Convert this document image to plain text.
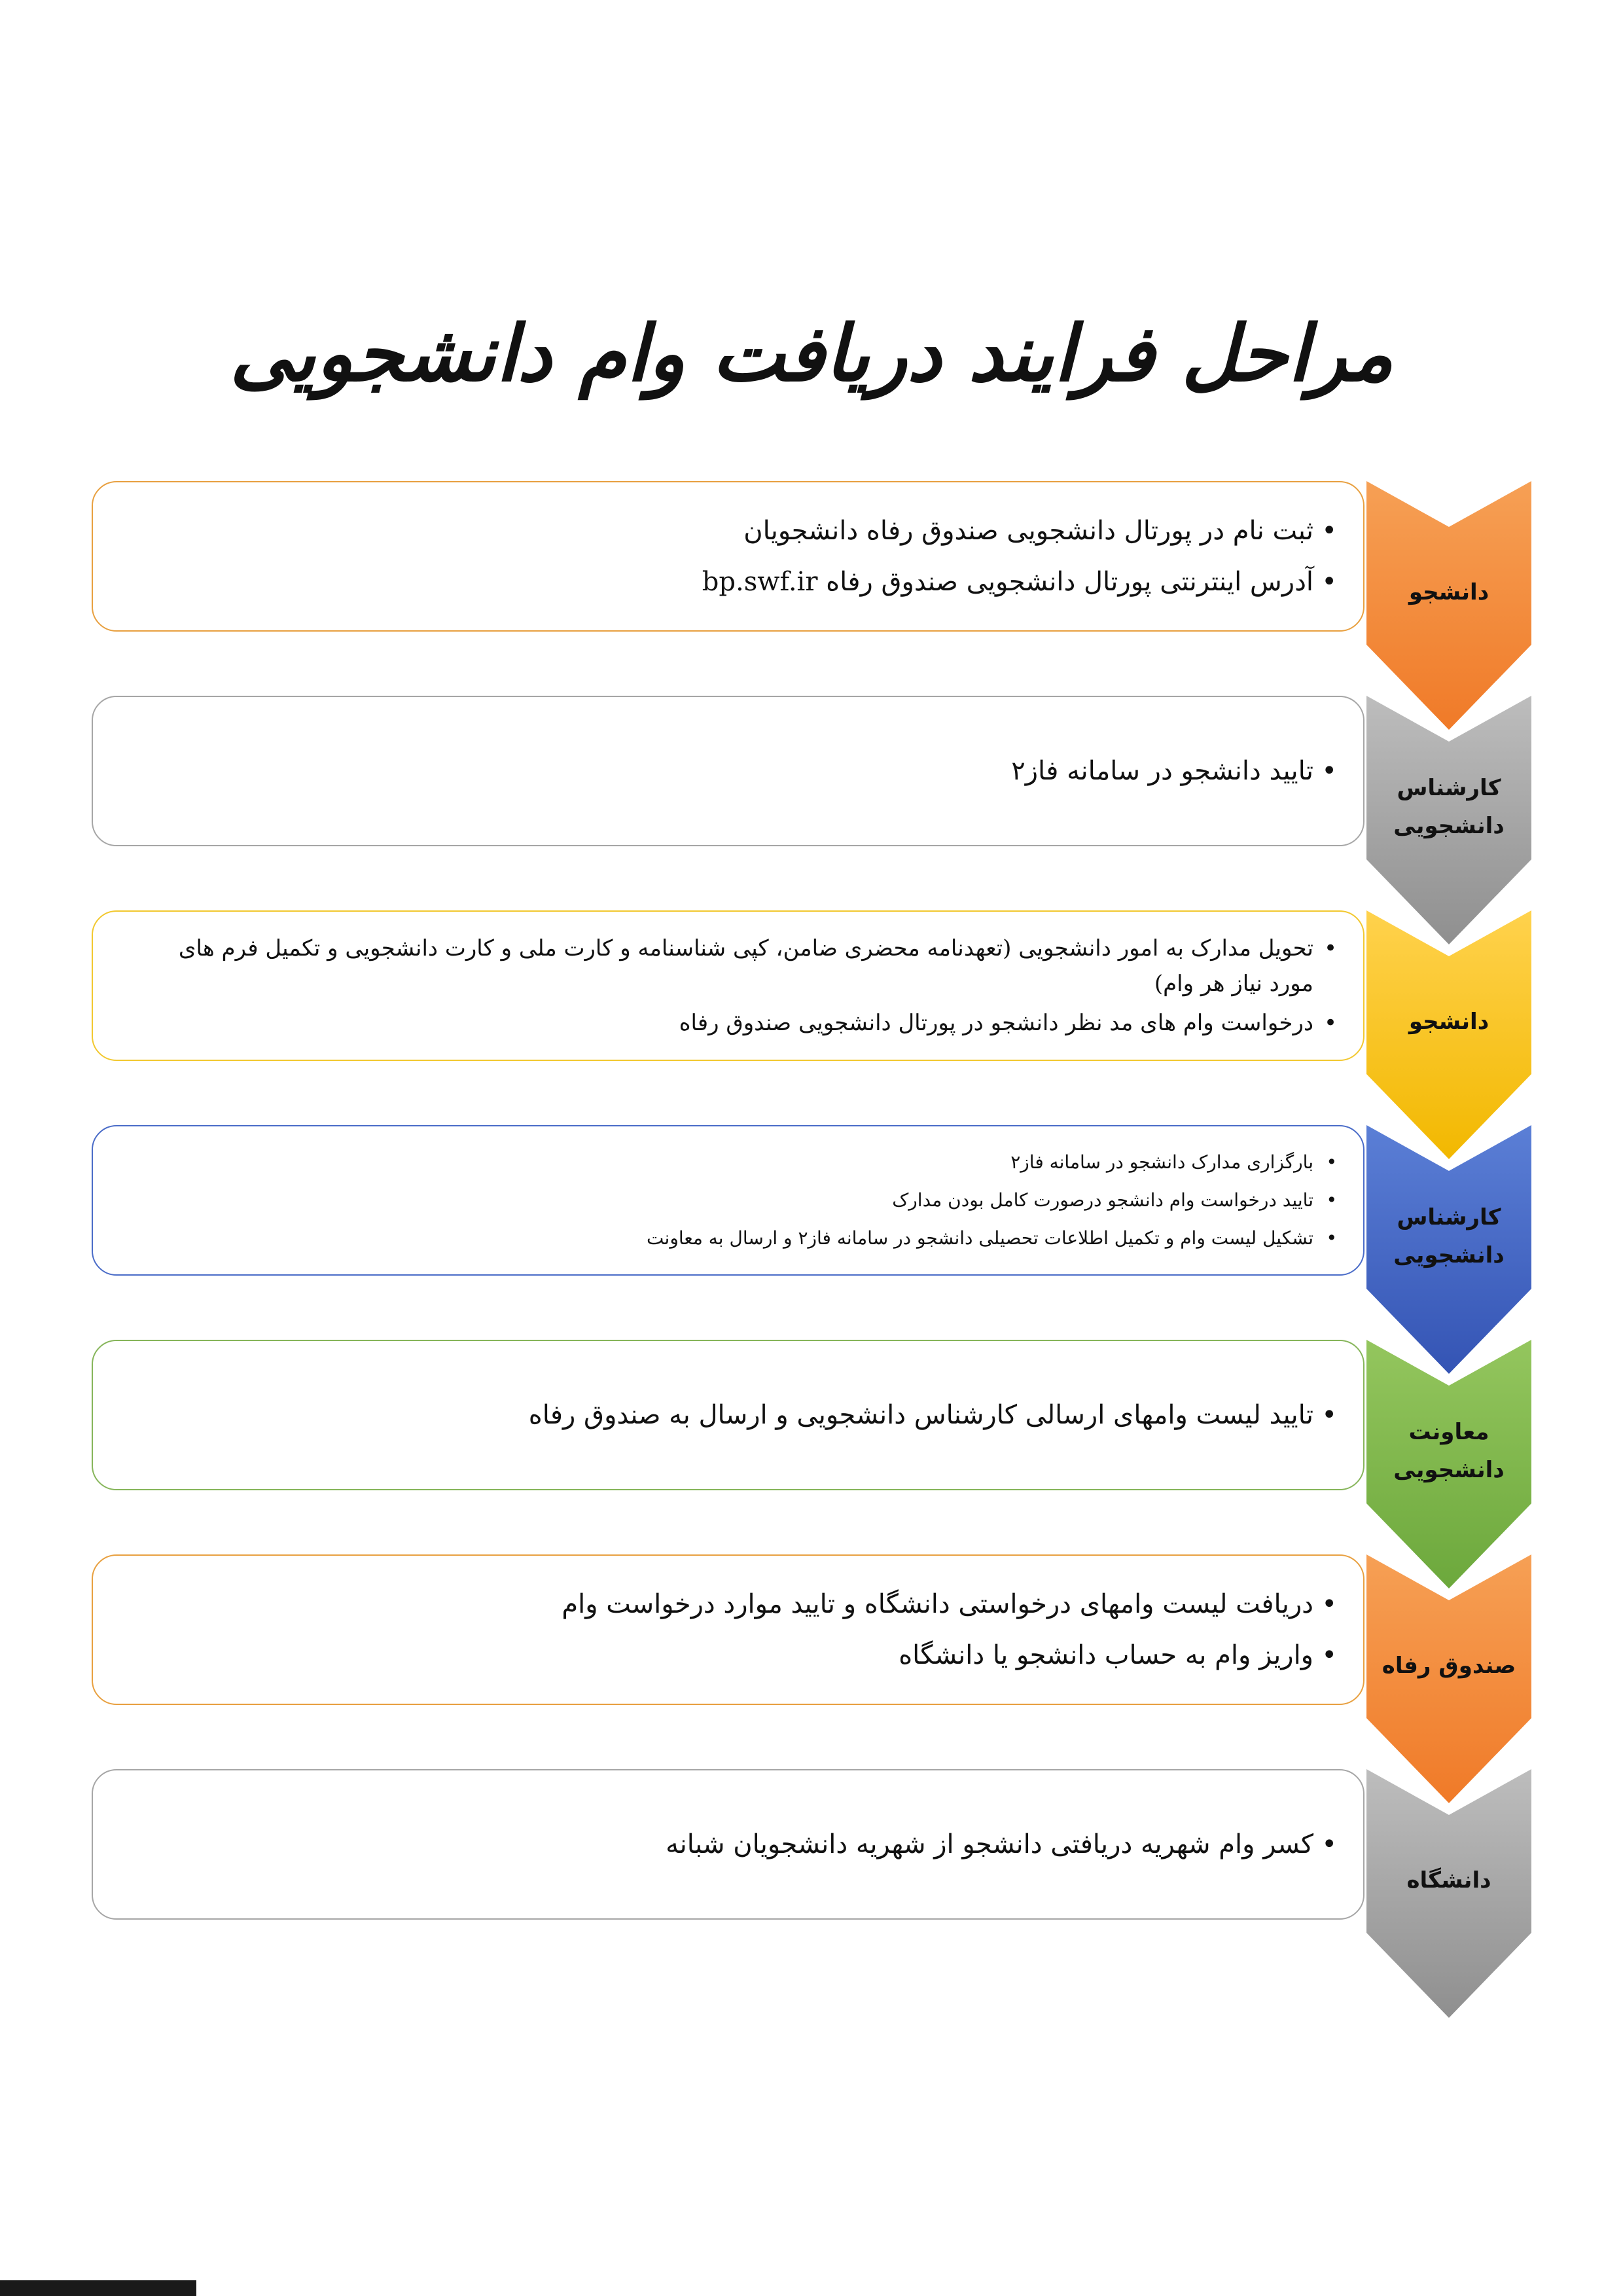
مراحل فرایند دریافت وام دانشجویی
• ثبت نام در پورتال دانشجویی صندوق رفاه دانشجویان
• آدرس اینترنتی پورتال دانشجویی صندوق رفاه bp.swf.ir	دانشجو
• تایید دانشجو در سامانه فاز۲
کارشناس دانشجویی
• تحویل مدارک به امور دانشجویی (تعهدنامه محضری ضامن، کپی شناسنامه و کارت ملی و کارت دانشجویی و تکمیل فرم های مورد نیاز هر وام)
• درخواست وام های مد نظر دانشجو در پورتال دانشجویی صندوق رفاه	دانشجو
• بارگزاری مدارک دانشجو در سامانه فاز۲
• تایید درخواست وام دانشجو درصورت کامل بودن مدارک
• تشکیل لیست وام و تکمیل اطلاعات تحصیلی دانشجو در سامانه فاز۲ و ارسال به معاونت
کارشناس دانشجویی
• تایید لیست وامهای ارسالی کارشناس دانشجویی و ارسال به صندوق رفاه
معاونت دانشجویی
• دریافت لیست وامهای درخواستی دانشگاه و تایید موارد درخواست وام
• واریز وام به حساب دانشجو یا دانشگاه	صندوق رفاه
• کسر وام شهریه دریافتی دانشجو از شهریه دانشجویان شبانه
دانشگاه
